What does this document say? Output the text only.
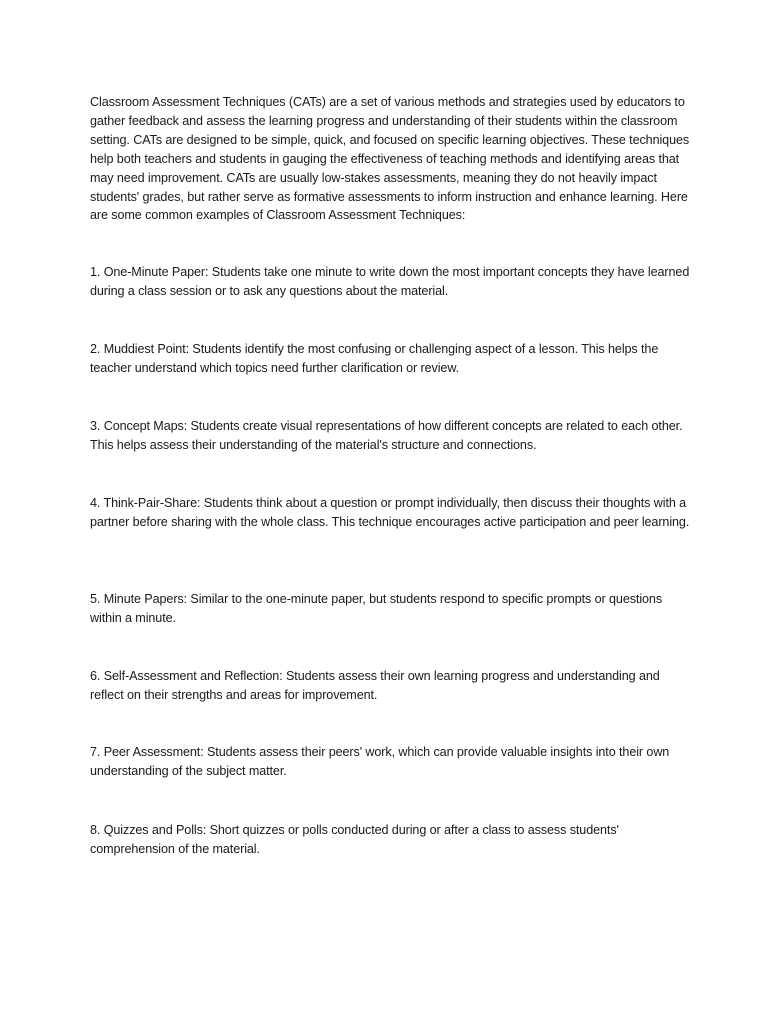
Classroom Assessment Techniques (CATs) are a set of various methods and strategies used by educators to gather feedback and assess the learning progress and understanding of their students within the classroom setting. CATs are designed to be simple, quick, and focused on specific learning objectives. These techniques help both teachers and students in gauging the effectiveness of teaching methods and identifying areas that may need improvement. CATs are usually low-stakes assessments, meaning they do not heavily impact students' grades, but rather serve as formative assessments to inform instruction and enhance learning. Here are some common examples of Classroom Assessment Techniques:

1. One-Minute Paper: Students take one minute to write down the most important concepts they have learned during a class session or to ask any questions about the material.

2. Muddiest Point: Students identify the most confusing or challenging aspect of a lesson. This helps the teacher understand which topics need further clarification or review.

3. Concept Maps: Students create visual representations of how different concepts are related to each other. This helps assess their understanding of the material's structure and connections.

4. Think-Pair-Share: Students think about a question or prompt individually, then discuss their thoughts with a partner before sharing with the whole class. This technique encourages active participation and peer learning.

5. Minute Papers: Similar to the one-minute paper, but students respond to specific prompts or questions within a minute.

6. Self-Assessment and Reflection: Students assess their own learning progress and understanding and reflect on their strengths and areas for improvement.

7. Peer Assessment: Students assess their peers' work, which can provide valuable insights into their own understanding of the subject matter.

8. Quizzes and Polls: Short quizzes or polls conducted during or after a class to assess students' comprehension of the material.
